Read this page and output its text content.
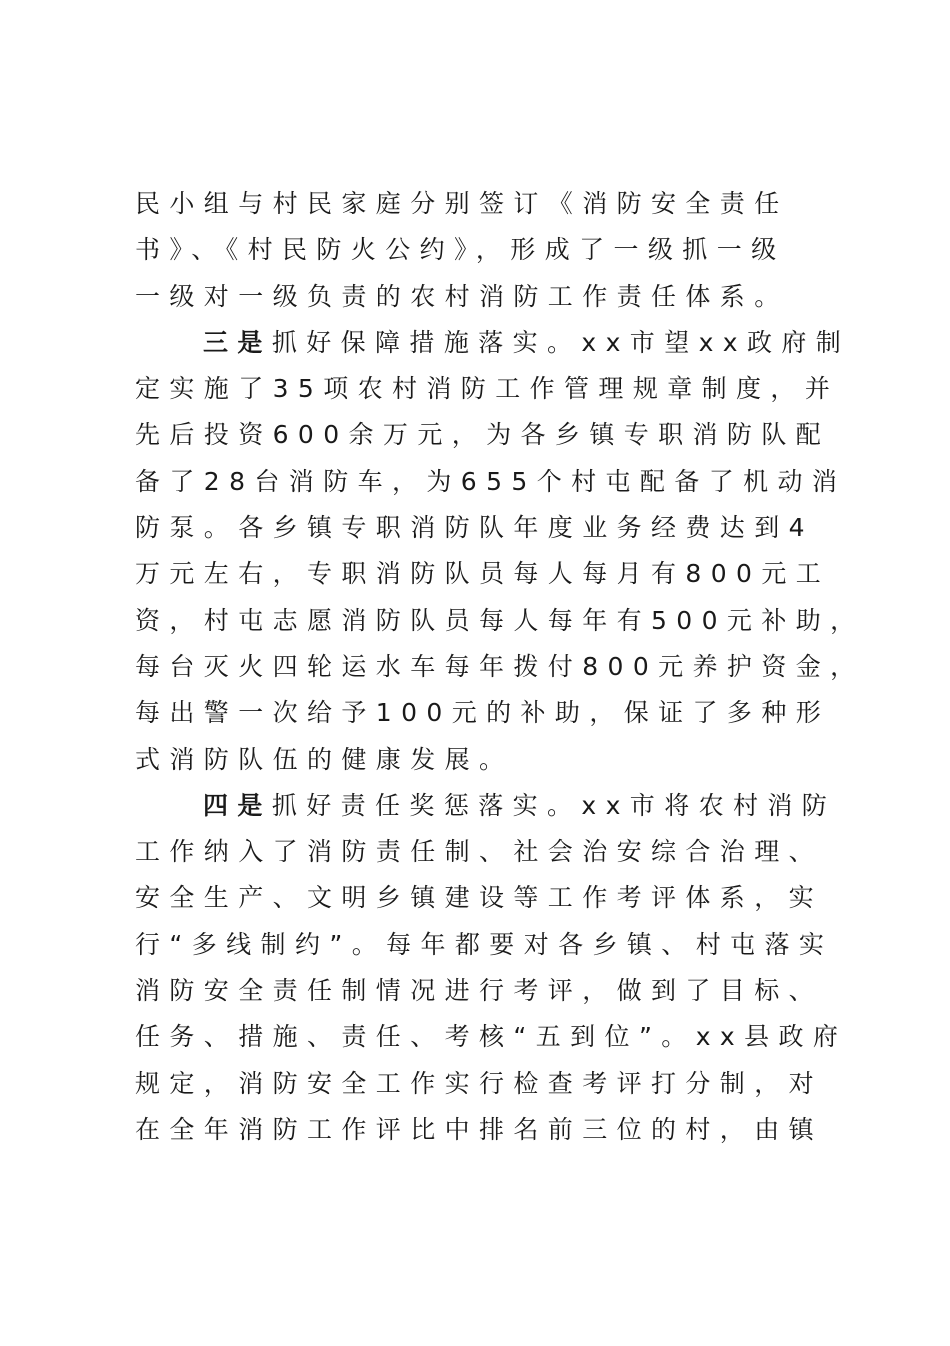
民小组与村民家庭分别签订《消防安全责任
书》、《村民防火公约》，形成了一级抓一级
一级对一级负责的农村消防工作责任体系。
三是抓好保障措施落实。xx市望xx政府制
定实施了35项农村消防工作管理规章制度，并
先后投资600余万元，为各乡镇专职消防队配
备了28台消防车，为655个村屯配备了机动消
防泵。各乡镇专职消防队年度业务经费达到4
万元左右，专职消防队员每人每月有800元工
资，村屯志愿消防队员每人每年有500元补助，
每台灭火四轮运水车每年拨付800元养护资金，
每出警一次给予100元的补助，保证了多种形
式消防队伍的健康发展。
四是抓好责任奖惩落实。xx市将农村消防
工作纳入了消防责任制、社会治安综合治理、
安全生产、文明乡镇建设等工作考评体系，实
行“多线制约”。每年都要对各乡镇、村屯落实
消防安全责任制情况进行考评，做到了目标、
任务、措施、责任、考核“五到位”。xx县政府
规定，消防安全工作实行检查考评打分制，对
在全年消防工作评比中排名前三位的村，由镇
